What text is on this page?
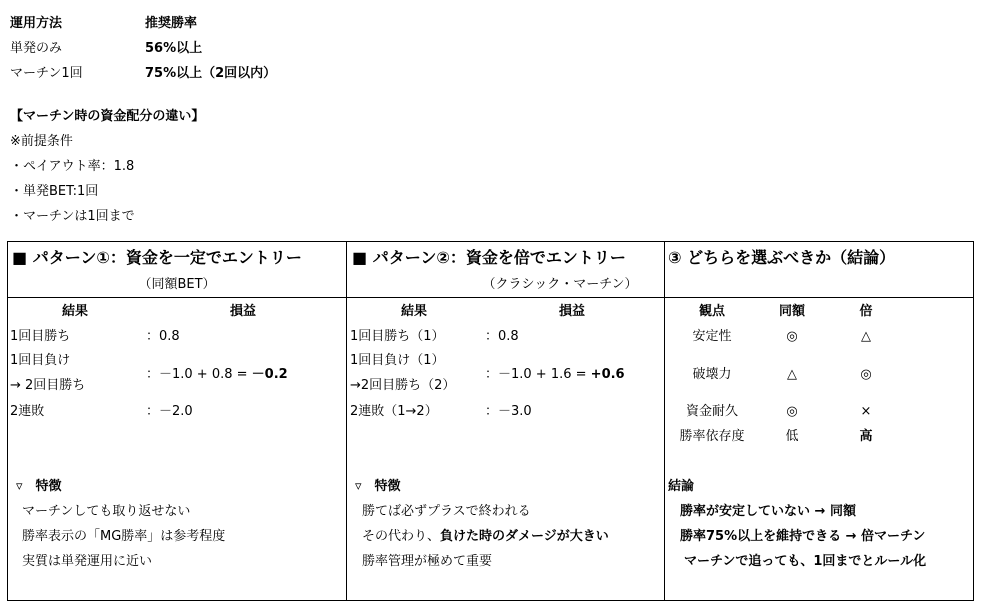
運用方法	推奨勝率
単発のみ	56%以上
マーチン1回	75%以上（2回以内）
【マーチン時の資金配分の違い】
※前提条件
・ペイアウト率：1.8
・単発BET:1回
・マーチンは1回まで
■ パターン①：資金を一定でエントリー
（同額BET）
結果	損益
1回目勝ち	：0.8
1回目負け
→ 2回目勝ち
：－1.0 + 0.8 = －0.2
2連敗	：－2.0
▿　特徴
マーチンしても取り返せない
勝率表示の「MG勝率」は参考程度
実質は単発運用に近い
■ パターン②：資金を倍でエントリー
（クラシック・マーチン）
結果	損益
1回目勝ち（1）	：0.8
1回目負け（1）
→2回目勝ち（2）
：－1.0 + 1.6 = +0.6
2連敗（1→2）	：－3.0
▿　特徴
勝てば必ずプラスで終われる
その代わり、負けた時のダメージが大きい
勝率管理が極めて重要
③ どちらを選ぶべきか（結論）
観点	同額	倍
安定性	◎	△
破壊力	△	◎
資金耐久	◎	×
勝率依存度	低	高
結論
勝率が安定していない → 同額
勝率75%以上を維持できる → 倍マーチン
マーチンで追っても、1回までとルール化
